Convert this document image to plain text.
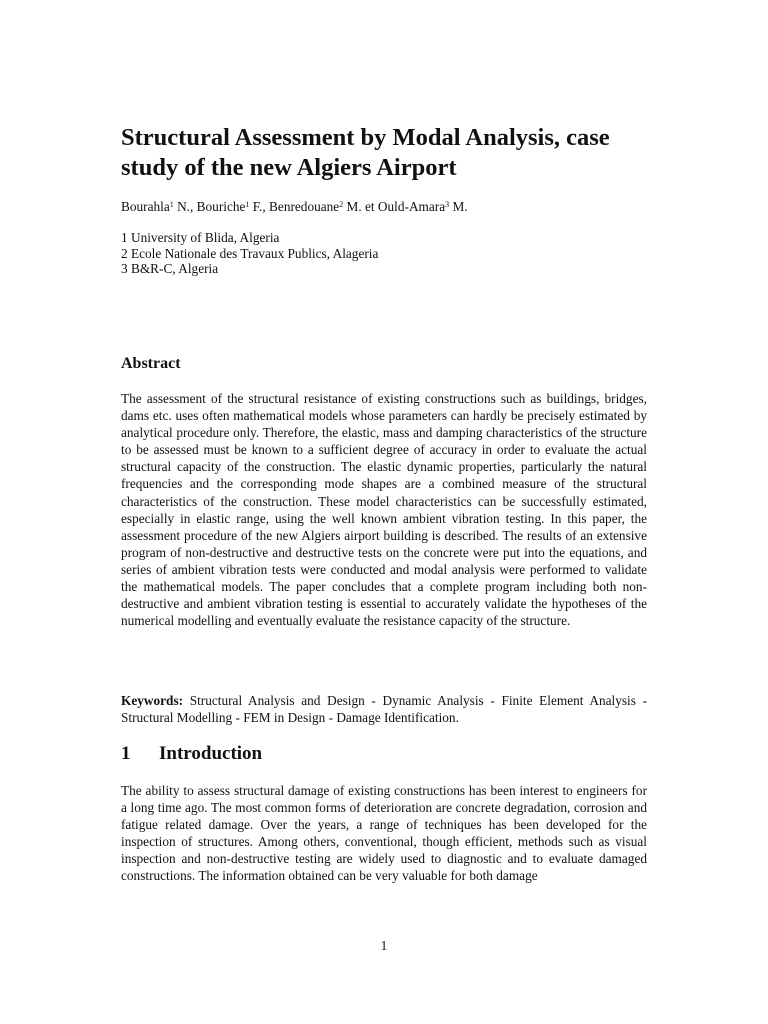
Structural Assessment by Modal Analysis, case study of the new Algiers Airport

Bourahla$^1$ N., Bouriche$^1$ F., Benredouane$^2$ M. et Ould-Amara$^3$ M.

1 University of Blida, Algeria
2 Ecole Nationale des Travaux Publics, Alageria
3 B&R-C, Algeria
Abstract

The assessment of the structural resistance of existing constructions such as buildings, bridges, dams etc. uses often mathematical models whose parameters can hardly be precisely estimated by analytical procedure only. Therefore, the elastic, mass and damping characteristics of the structure to be assessed must be known to a sufficient degree of accuracy in order to evaluate the actual structural capacity of the construction. The elastic dynamic properties, particularly the natural frequencies and the corresponding mode shapes are a combined measure of the structural characteristics of the construction. These model characteristics can be successfully estimated, especially in elastic range, using the well known ambient vibration testing. In this paper, the assessment procedure of the new Algiers airport building is described. The results of an extensive program of non-destructive and destructive tests on the concrete were put into the equations, and series of ambient vibration tests were conducted and modal analysis were performed to validate the mathematical models. The paper concludes that a complete program including both non-destructive and ambient vibration testing is essential to accurately validate the hypotheses of the numerical modelling and eventually evaluate the resistance capacity of the structure.

Keywords: Structural Analysis and Design - Dynamic Analysis - Finite Element Analysis - Structural Modelling - FEM in Design - Damage Identification.

1 Introduction

The ability to assess structural damage of existing constructions has been interest to engineers for a long time ago. The most common forms of deterioration are concrete degradation, corrosion and fatigue related damage. Over the years, a range of techniques has been developed for the inspection of structures. Among others, conventional, though efficient, methods such as visual inspection and non-destructive testing are widely used to diagnostic and to evaluate damaged constructions. The information obtained can be very valuable for both damage

1
